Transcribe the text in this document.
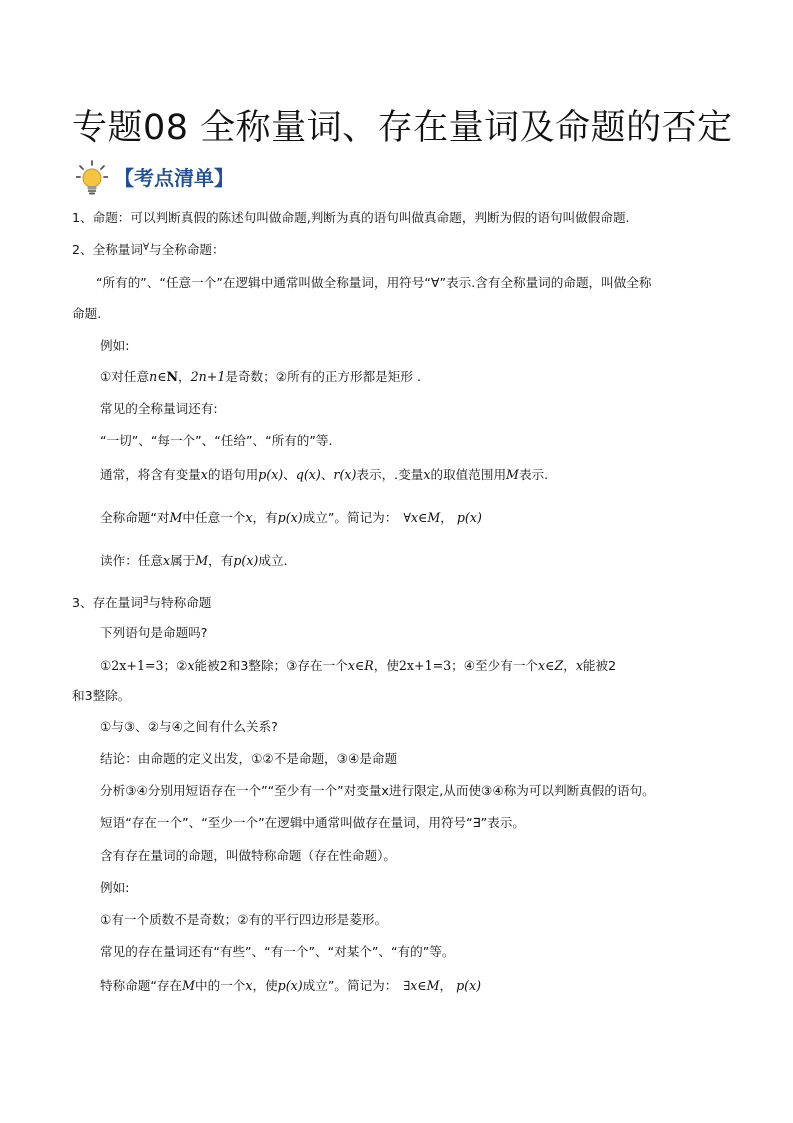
专题08 全称量词、存在量词及命题的否定
【考点清单】
1、命题：可以判断真假的陈述句叫做命题,判断为真的语句叫做真命题，判断为假的语句叫做假命题.
2、全称量词∀与全称命题：
“所有的”、“任意一个”在逻辑中通常叫做全称量词，用符号“∀”表示.含有全称量词的命题，叫做全称
命题.
例如:
①对任意n∈N，2n+1是奇数；②所有的正方形都是矩形 .
常见的全称量词还有:
“一切”、“每一个”、“任给”、“所有的”等.
通常，将含有变量x的语句用p(x)、q(x)、r(x)表示，.变量x的取值范围用M表示.
全称命题“对M中任意一个x，有p(x)成立”。简记为： ∀x∈M， p(x)
读作：任意x属于M，有p(x)成立.
3、存在量词∃与特称命题
下列语句是命题吗?
①2x+1=3；②x能被2和3整除；③存在一个x∈R，使2x+1=3；④至少有一个x∈Z，x能被2
和3整除。
①与③、②与④之间有什么关系?
结论：由命题的定义出发，①②不是命题，③④是命题
分析③④分别用短语存在一个”“至少有一个”对变量x进行限定,从而使③④称为可以判断真假的语句。
短语“存在一个”、“至少一个”在逻辑中通常叫做存在量词，用符号“∃”表示。
含有存在量词的命题，叫做特称命题（存在性命题）。
例如:
①有一个质数不是奇数；②有的平行四边形是菱形。
常见的存在量词还有“有些”、“有一个”、“对某个”、“有的”等。
特称命题“存在M中的一个x，使p(x)成立”。简记为： ∃x∈M， p(x)
